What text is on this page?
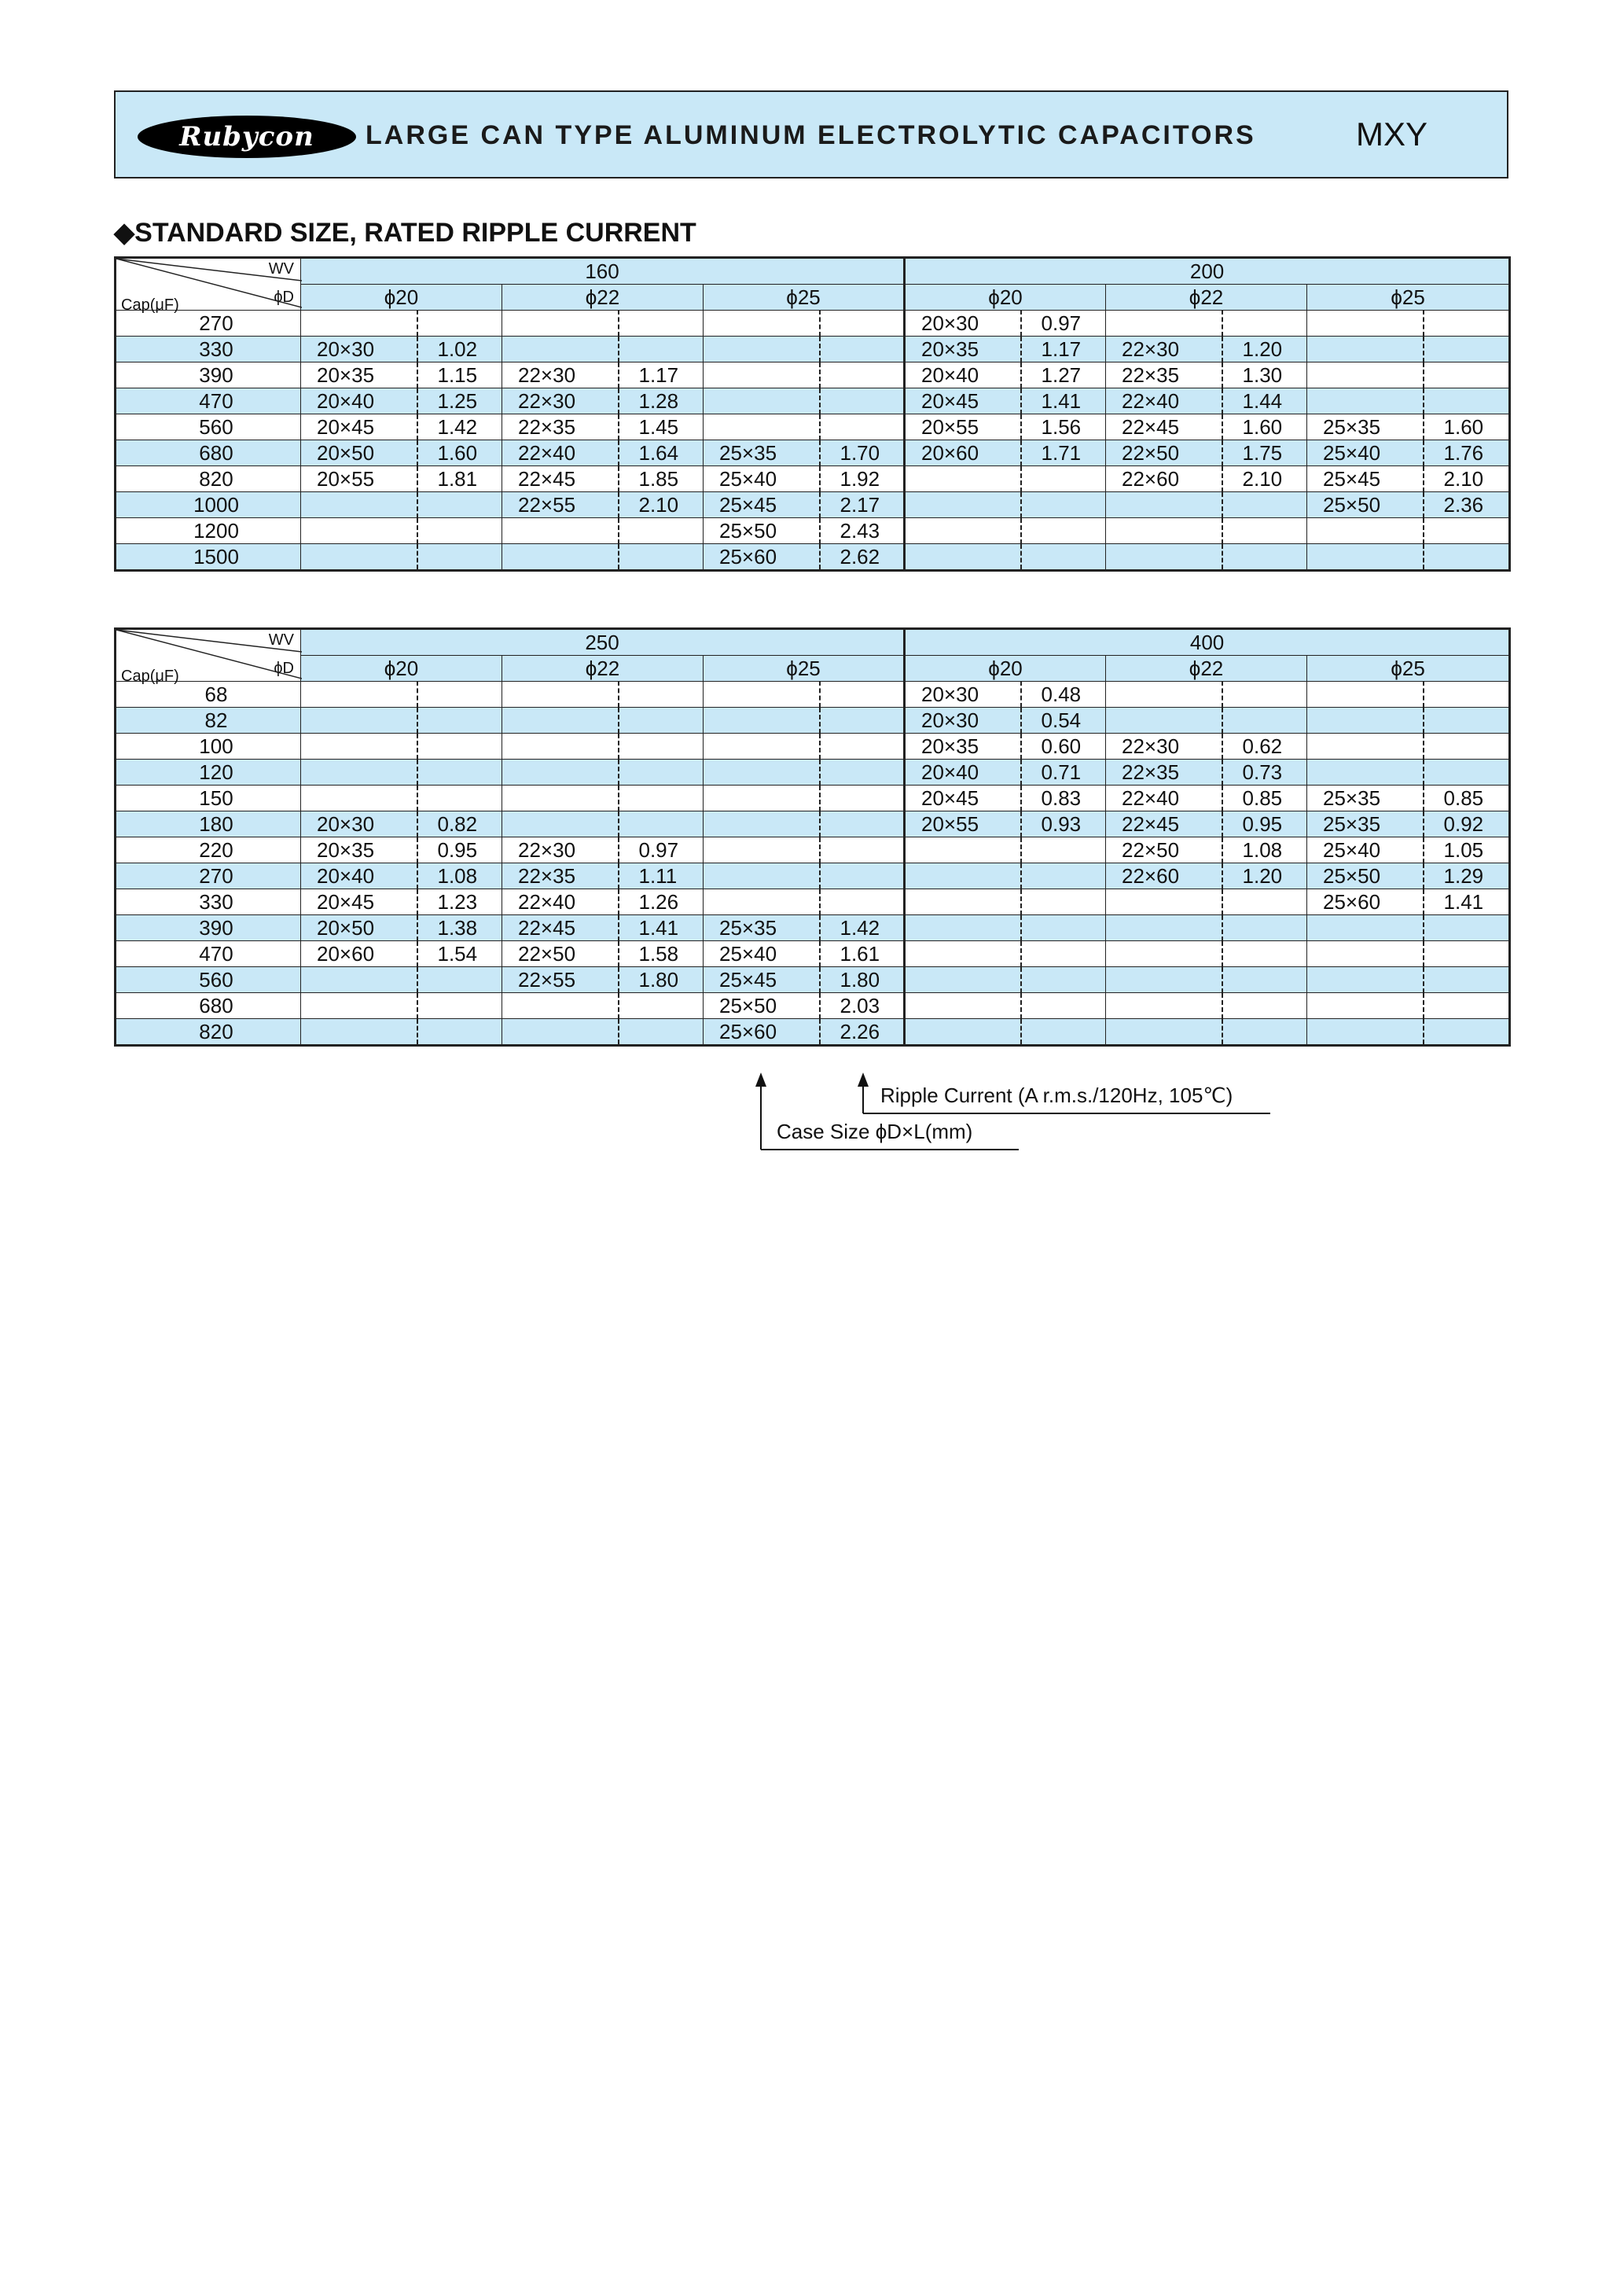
Rubycon	LARGE CAN TYPE ALUMINUM ELECTROLYTIC CAPACITORS	MXY
◆STANDARD SIZE, RATED RIPPLE CURRENT
WV
ϕD
Cap(μF)	160						200					
	ϕ20		ϕ22		ϕ25		ϕ20		ϕ22		ϕ25	
270							20×30	0.97				
330	20×30	1.02					20×35	1.17	22×30	1.20		
390	20×35	1.15	22×30	1.17			20×40	1.27	22×35	1.30		
470	20×40	1.25	22×30	1.28			20×45	1.41	22×40	1.44		
560	20×45	1.42	22×35	1.45			20×55	1.56	22×45	1.60	25×35	1.60
680	20×50	1.60	22×40	1.64	25×35	1.70	20×60	1.71	22×50	1.75	25×40	1.76
820	20×55	1.81	22×45	1.85	25×40	1.92			22×60	2.10	25×45	2.10
1000			22×55	2.10	25×45	2.17					25×50	2.36
1200					25×50	2.43						
1500					25×60	2.62						
WV
ϕD
Cap(μF)	250						400					
	ϕ20		ϕ22		ϕ25		ϕ20		ϕ22		ϕ25	
68							20×30	0.48				
82							20×30	0.54				
100							20×35	0.60	22×30	0.62		
120							20×40	0.71	22×35	0.73		
150							20×45	0.83	22×40	0.85	25×35	0.85
180	20×30	0.82					20×55	0.93	22×45	0.95	25×35	0.92
220	20×35	0.95	22×30	0.97					22×50	1.08	25×40	1.05
270	20×40	1.08	22×35	1.11					22×60	1.20	25×50	1.29
330	20×45	1.23	22×40	1.26							25×60	1.41
390	20×50	1.38	22×45	1.41	25×35	1.42						
470	20×60	1.54	22×50	1.58	25×40	1.61						
560			22×55	1.80	25×45	1.80						
680					25×50	2.03						
820					25×60	2.26						
Ripple Current (A r.m.s./120Hz, 105℃)
Case Size ϕD×L(mm)
